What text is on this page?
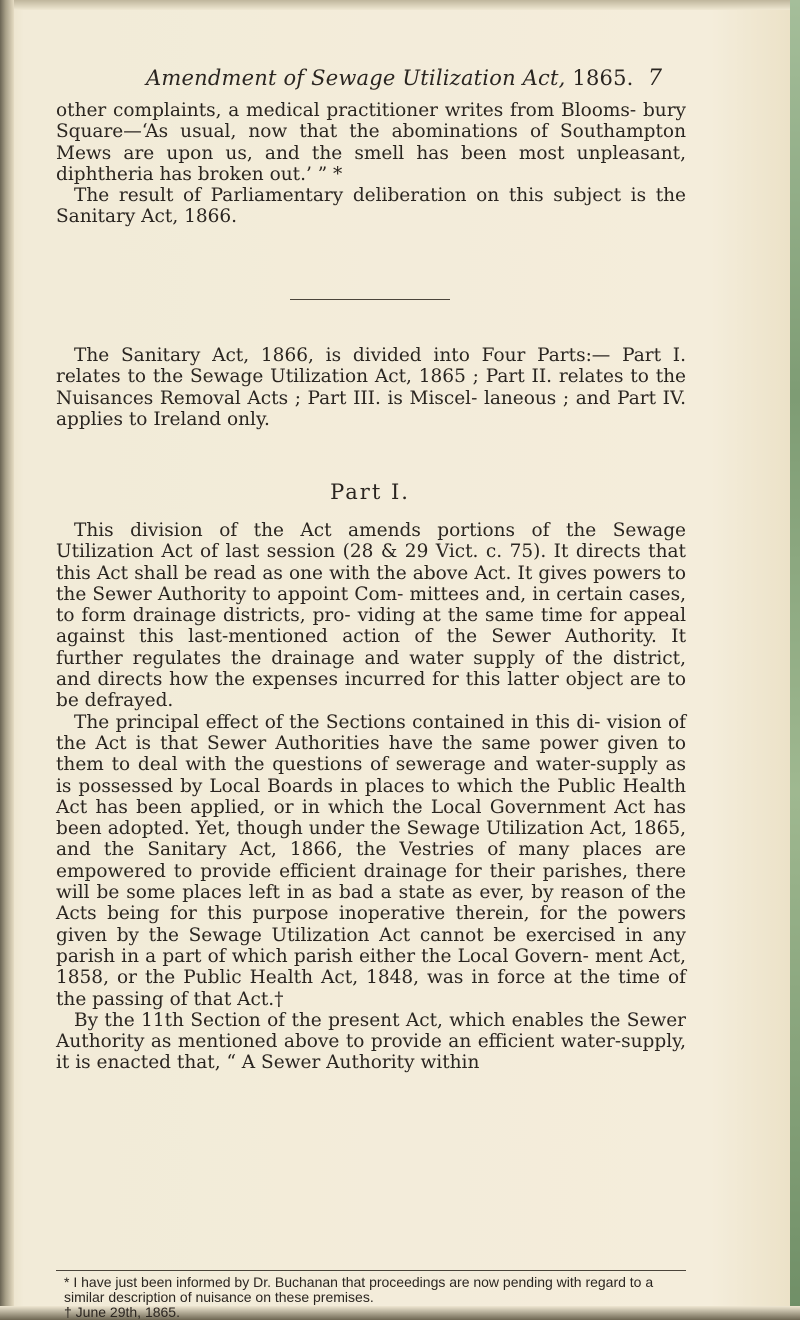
Amendment of Sewage Utilization Act, 1865. 7

other complaints, a medical practitioner writes from Blooms- bury Square—‘As usual, now that the abominations of Southampton Mews are upon us, and the smell has been most unpleasant, diphtheria has broken out.’ ” *

The result of Parliamentary deliberation on this subject is the Sanitary Act, 1866.

The Sanitary Act, 1866, is divided into Four Parts:— Part I. relates to the Sewage Utilization Act, 1865 ; Part II. relates to the Nuisances Removal Acts ; Part III. is Miscel- laneous ; and Part IV. applies to Ireland only.

Part I.

This division of the Act amends portions of the Sewage Utilization Act of last session (28 & 29 Vict. c. 75). It directs that this Act shall be read as one with the above Act. It gives powers to the Sewer Authority to appoint Com- mittees and, in certain cases, to form drainage districts, pro- viding at the same time for appeal against this last-mentioned action of the Sewer Authority. It further regulates the drainage and water supply of the district, and directs how the expenses incurred for this latter object are to be defrayed.

The principal effect of the Sections contained in this di- vision of the Act is that Sewer Authorities have the same power given to them to deal with the questions of sewerage and water-supply as is possessed by Local Boards in places to which the Public Health Act has been applied, or in which the Local Government Act has been adopted. Yet, though under the Sewage Utilization Act, 1865, and the Sanitary Act, 1866, the Vestries of many places are empowered to provide efficient drainage for their parishes, there will be some places left in as bad a state as ever, by reason of the Acts being for this purpose inoperative therein, for the powers given by the Sewage Utilization Act cannot be exercised in any parish in a part of which parish either the Local Govern- ment Act, 1858, or the Public Health Act, 1848, was in force at the time of the passing of that Act.†

By the 11th Section of the present Act, which enables the Sewer Authority as mentioned above to provide an efficient water-supply, it is enacted that, “ A Sewer Authority within

* I have just been informed by Dr. Buchanan that proceedings are now pending with regard to a similar description of nuisance on these premises.

† June 29th, 1865.
